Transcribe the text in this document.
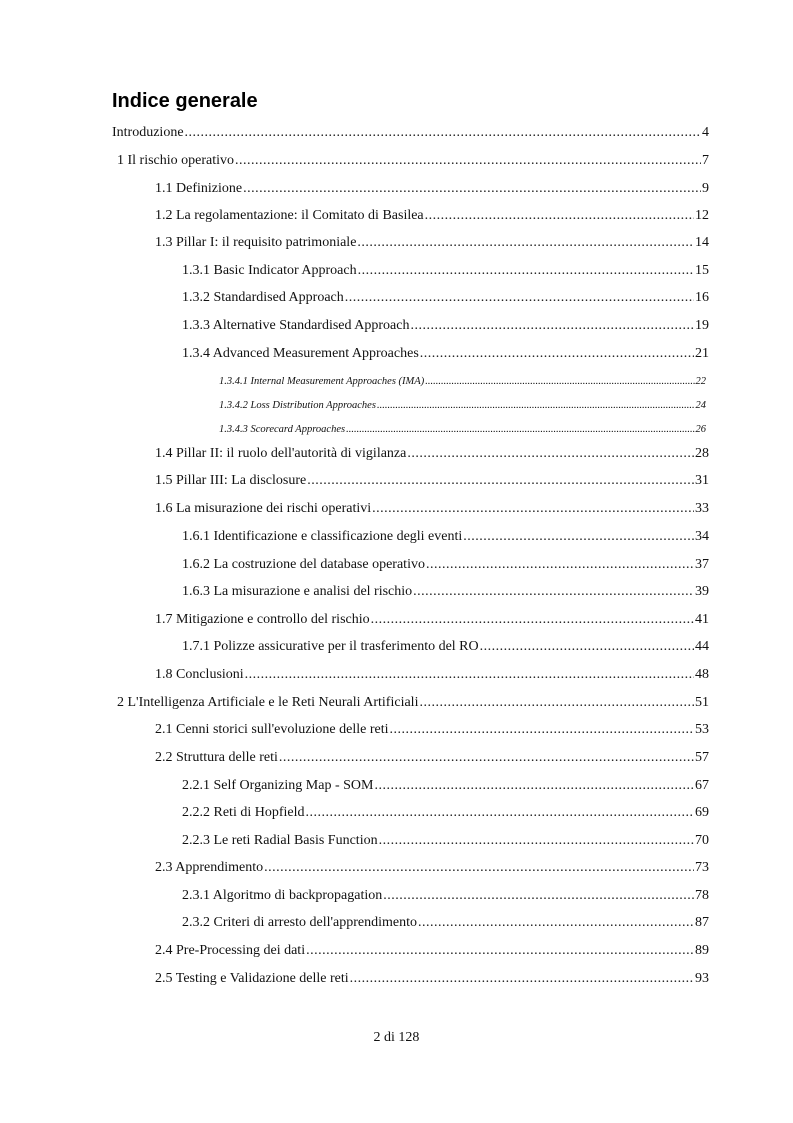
Indice generale
Introduzione .....	4
1 Il rischio operativo .....	7
1.1 Definizione .....	9
1.2 La regolamentazione: il Comitato di Basilea .....	12
1.3 Pillar I: il requisito patrimoniale .....	14
1.3.1 Basic Indicator Approach .....	15
1.3.2 Standardised Approach .....	16
1.3.3 Alternative Standardised Approach .....	19
1.3.4 Advanced Measurement Approaches .....	21
1.3.4.1 Internal Measurement Approaches (IMA) .....	22
1.3.4.2 Loss Distribution Approaches .....	24
1.3.4.3 Scorecard Approaches .....	26
1.4 Pillar II: il ruolo dell'autorità di vigilanza .....	28
1.5 Pillar III: La disclosure .....	31
1.6 La misurazione dei rischi operativi .....	33
1.6.1 Identificazione e classificazione degli eventi .....	34
1.6.2 La costruzione del database operativo .....	37
1.6.3 La misurazione e analisi del rischio .....	39
1.7 Mitigazione e controllo del rischio .....	41
1.7.1 Polizze assicurative per il trasferimento del RO .....	44
1.8 Conclusioni .....	48
2 L'Intelligenza Artificiale e le Reti Neurali Artificiali .....	51
2.1 Cenni storici sull'evoluzione delle reti .....	53
2.2 Struttura delle reti .....	57
2.2.1 Self Organizing Map - SOM .....	67
2.2.2 Reti di Hopfield .....	69
2.2.3 Le reti Radial Basis Function .....	70
2.3 Apprendimento .....	73
2.3.1 Algoritmo di backpropagation .....	78
2.3.2 Criteri di arresto dell'apprendimento .....	87
2.4 Pre-Processing dei dati .....	89
2.5 Testing e Validazione delle reti .....	93
2 di 128
